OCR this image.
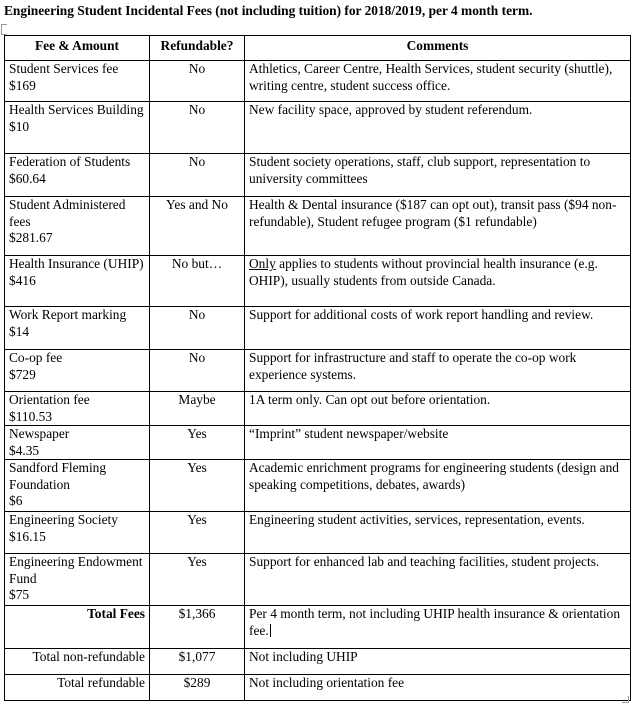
Engineering Student Incidental Fees (not including tuition) for 2018/2019, per 4 month term.
Fee & Amount	Refundable?	Comments

Student Services fee
$169	No	Athletics, Career Centre, Health Services, student security (shuttle), writing centre, student success office.

Health Services Building
$10	No	New facility space, approved by student referendum.

Federation of Students
$60.64	No	Student society operations, staff, club support, representation to university committees

Student Administered fees
$281.67	Yes and No	Health & Dental insurance ($187 can opt out), transit pass ($94 non-refundable), Student refugee program ($1 refundable)

Health Insurance (UHIP)
$416	No but…	Only applies to students without provincial health insurance (e.g. OHIP), usually students from outside Canada.

Work Report marking
$14	No	Support for additional costs of work report handling and review.

Co-op fee
$729	No	Support for infrastructure and staff to operate the co-op work experience systems.

Orientation fee
$110.53	Maybe	1A term only. Can opt out before orientation.

Newspaper
$4.35	Yes	“Imprint” student newspaper/website

Sandford Fleming Foundation
$6	Yes	Academic enrichment programs for engineering students (design and speaking competitions, debates, awards)

Engineering Society
$16.15	Yes	Engineering student activities, services, representation, events.

Engineering Endowment Fund
$75	Yes	Support for enhanced lab and teaching facilities, student projects.
Total Fees	$1,366	Per 4 month term, not including UHIP health insurance & orientation fee.
Total non-refundable	$1,077	Not including UHIP
Total refundable	$289	Not including orientation fee
